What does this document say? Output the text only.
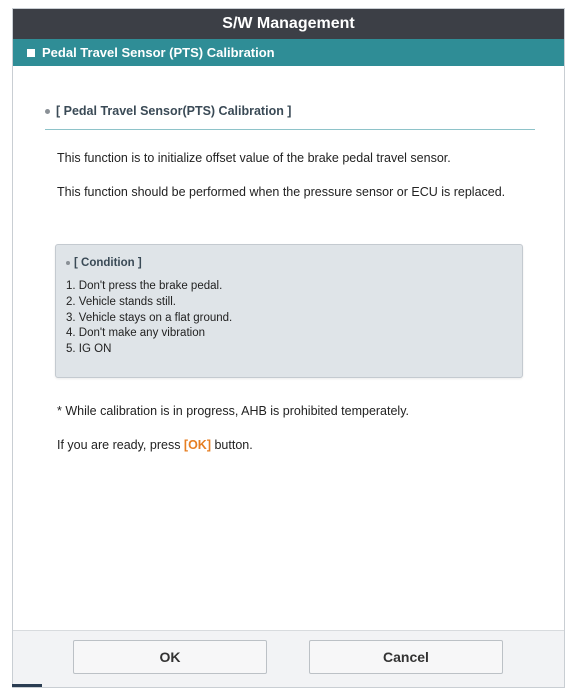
S/W Management
Pedal Travel Sensor (PTS) Calibration
[ Pedal Travel Sensor(PTS) Calibration ]
This function is to initialize offset value of the brake pedal travel sensor.
This function should be performed when the pressure sensor or ECU is replaced.
[ Condition ]
1. Don't press the brake pedal.
2. Vehicle stands still.
3. Vehicle stays on a flat ground.
4. Don't make any vibration
5. IG ON
* While calibration is in progress, AHB is prohibited temperately.
If you are ready, press [OK] button.
OK	Cancel
